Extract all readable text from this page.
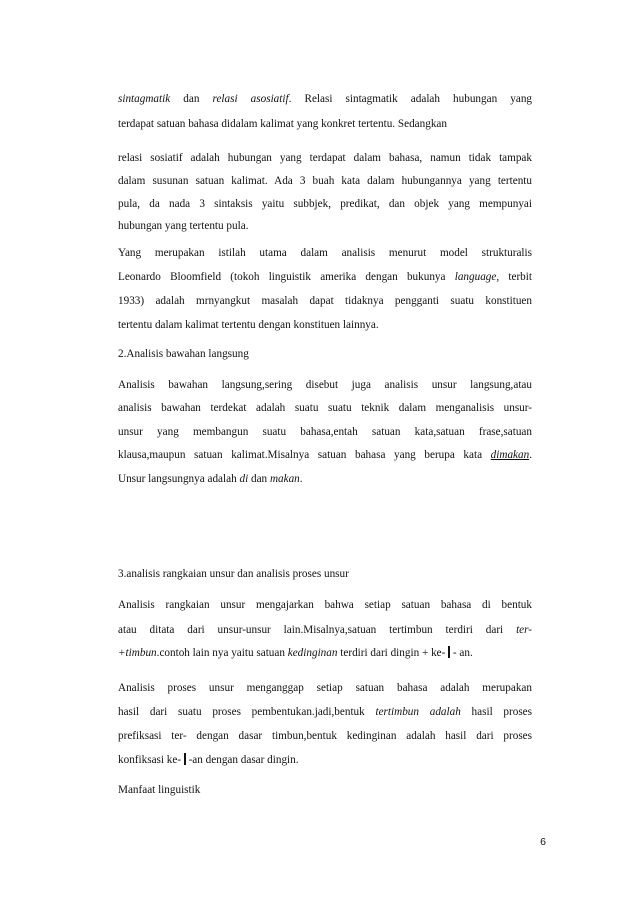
sintagmatik dan relasi asosiatif. Relasi sintagmatik adalah hubungan yang
terdapat satuan bahasa didalam kalimat yang konkret tertentu. Sedangkan
relasi sosiatif adalah hubungan yang terdapat dalam bahasa, namun tidak tampak
dalam susunan satuan kalimat. Ada 3 buah kata dalam hubungannya yang tertentu
pula, da nada 3 sintaksis yaitu subbjek, predikat, dan objek yang mempunyai
hubungan yang tertentu pula.
Yang merupakan istilah utama dalam analisis menurut model strukturalis
Leonardo Bloomfield (tokoh linguistik amerika dengan bukunya language, terbit
1933) adalah mrnyangkut masalah dapat tidaknya pengganti suatu konstituen
tertentu dalam kalimat tertentu dengan konstituen lainnya.
2.Analisis bawahan langsung
Analisis bawahan langsung,sering disebut juga analisis unsur langsung,atau
analisis bawahan terdekat adalah suatu suatu teknik dalam menganalisis unsur-
unsur yang membangun suatu bahasa,entah satuan kata,satuan frase,satuan
klausa,maupun satuan kalimat.Misalnya satuan bahasa yang berupa kata dimakan.
Unsur langsungnya adalah di dan makan.
3.analisis rangkaian unsur dan analisis proses unsur
Analisis rangkaian unsur mengajarkan bahwa setiap satuan bahasa di bentuk
atau ditata dari unsur-unsur lain.Misalnya,satuan tertimbun terdiri dari ter-
+timbun.contoh lain nya yaitu satuan kedinginan terdiri dari dingin + ke- - an.
Analisis proses unsur menganggap setiap satuan bahasa adalah merupakan
hasil dari suatu proses pembentukan.jadi,bentuk tertimbun adalah hasil proses
prefiksasi ter- dengan dasar timbun,bentuk kedinginan adalah hasil dari proses
konfiksasi ke- -an dengan dasar dingin.
Manfaat linguistik
6
